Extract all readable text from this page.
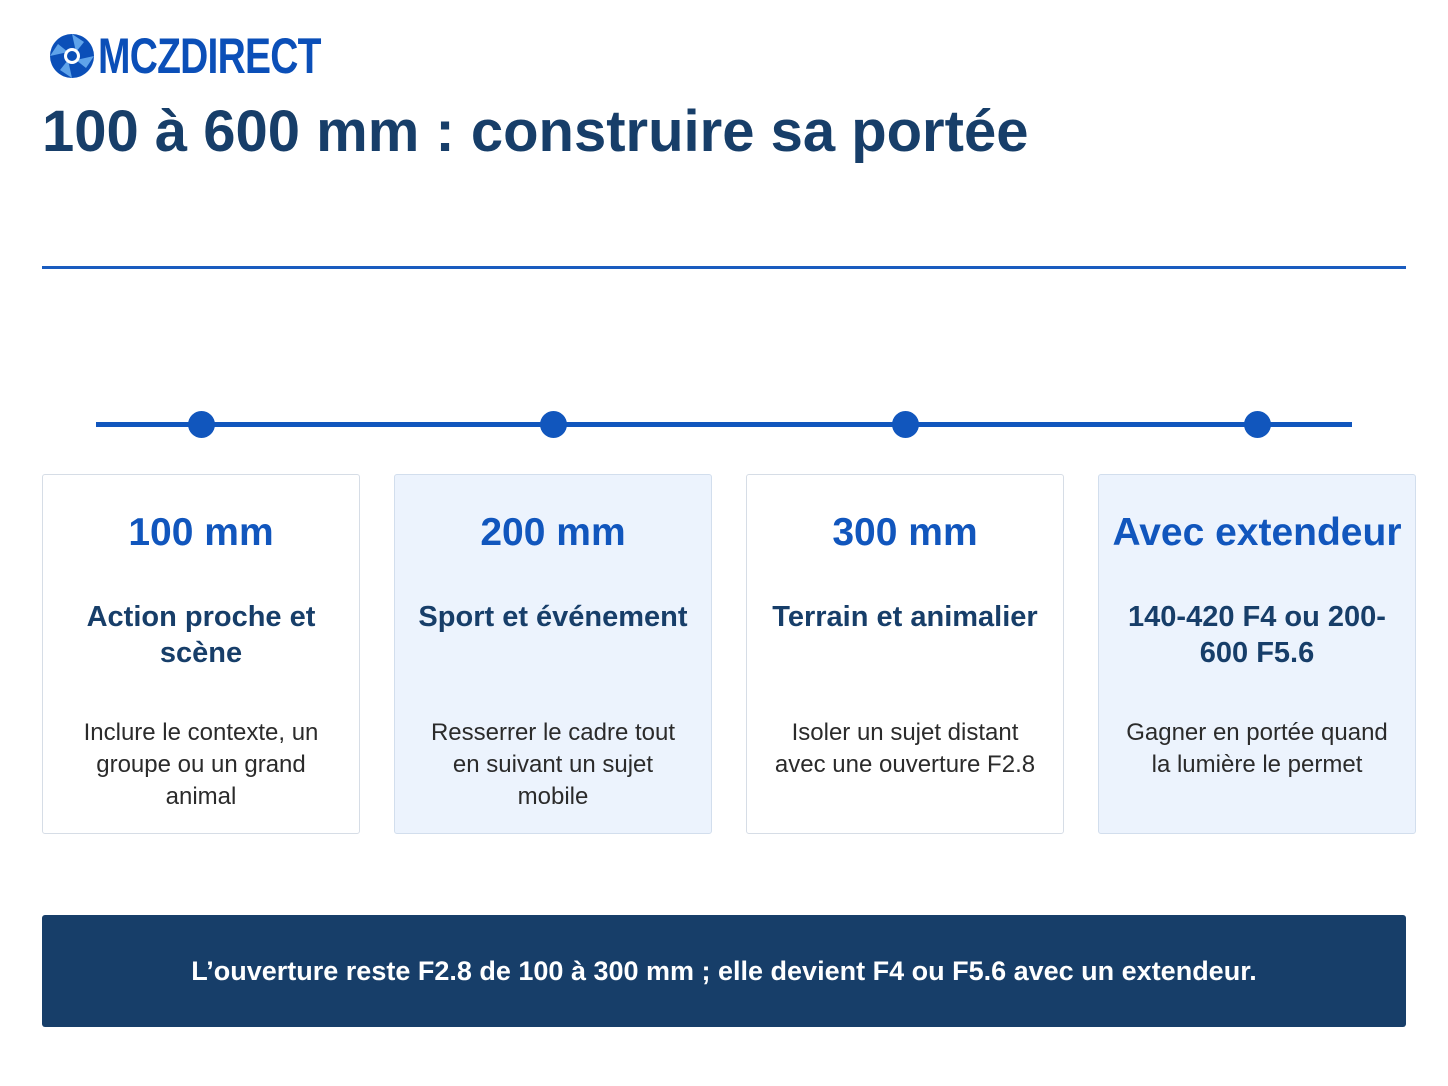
MCZDIRECT
100 à 600 mm : construire sa portée
100 mm
Action proche et scène
Inclure le contexte, un groupe ou un grand animal
200 mm
Sport et événement
Resserrer le cadre tout en suivant un sujet mobile
300 mm
Terrain et animalier
Isoler un sujet distant avec une ouverture F2.8
Avec extendeur
140-420 F4 ou 200-600 F5.6
Gagner en portée quand la lumière le permet
L’ouverture reste F2.8 de 100 à 300 mm ; elle devient F4 ou F5.6 avec un extendeur.
